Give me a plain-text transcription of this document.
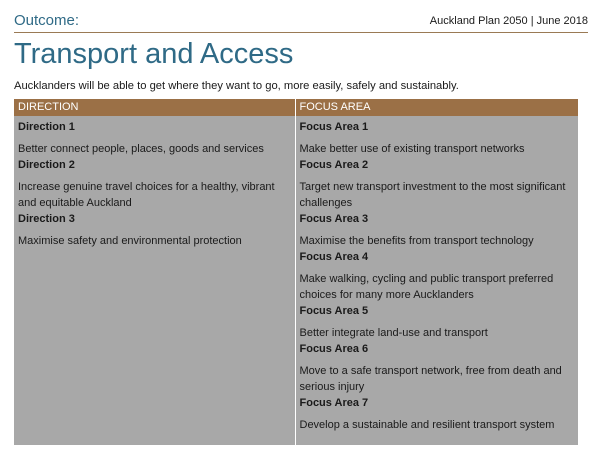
Outcome:	Auckland Plan 2050 | June 2018
Transport and Access
Aucklanders will be able to get where they want to go, more easily, safely and sustainably.
DIRECTION
Direction 1
Better connect people, places, goods and services
Direction 2
Increase genuine travel choices for a healthy, vibrant and equitable Auckland
Direction 3
Maximise safety and environmental protection
FOCUS AREA
Focus Area 1
Make better use of existing transport networks
Focus Area 2
Target new transport investment to the most significant challenges
Focus Area 3
Maximise the benefits from transport technology
Focus Area 4
Make walking, cycling and public transport preferred choices for many more Aucklanders
Focus Area 5
Better integrate land-use and transport
Focus Area 6
Move to a safe transport network, free from death and serious injury
Focus Area 7
Develop a sustainable and resilient transport system
